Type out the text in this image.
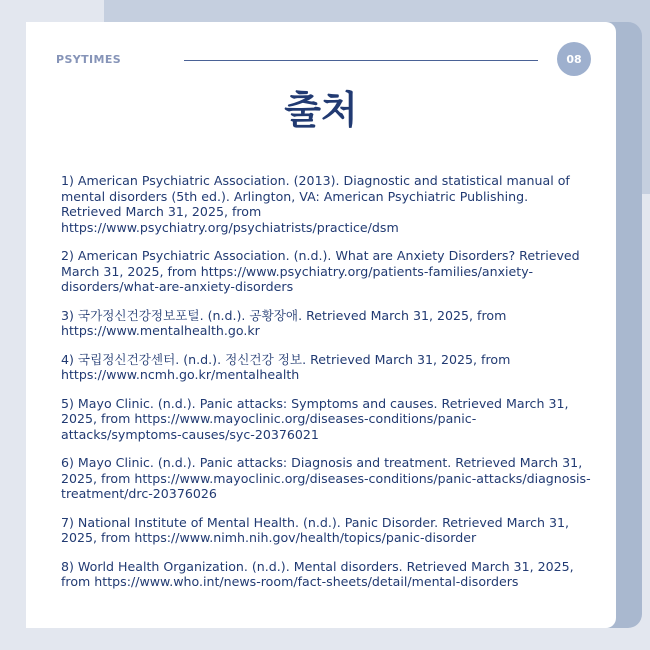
PSYTIMES	08
출처
1) American Psychiatric Association. (2013). Diagnostic and statistical manual of mental disorders (5th ed.). Arlington, VA: American Psychiatric Publishing. Retrieved March 31, 2025, from https://www.psychiatry.org/psychiatrists/practice/dsm
2) American Psychiatric Association. (n.d.). What are Anxiety Disorders? Retrieved March 31, 2025, from https://www.psychiatry.org/patients-families/anxiety-disorders/what-are-anxiety-disorders
3) 국가정신건강정보포털. (n.d.). 공황장애. Retrieved March 31, 2025, from https://www.mentalhealth.go.kr
4) 국립정신건강센터. (n.d.). 정신건강 정보. Retrieved March 31, 2025, from https://www.ncmh.go.kr/mentalhealth
5) Mayo Clinic. (n.d.). Panic attacks: Symptoms and causes. Retrieved March 31, 2025, from https://www.mayoclinic.org/diseases-conditions/panic-attacks/symptoms-causes/syc-20376021
6) Mayo Clinic. (n.d.). Panic attacks: Diagnosis and treatment. Retrieved March 31, 2025, from https://www.mayoclinic.org/diseases-conditions/panic-attacks/diagnosis-treatment/drc-20376026
7) National Institute of Mental Health. (n.d.). Panic Disorder. Retrieved March 31, 2025, from https://www.nimh.nih.gov/health/topics/panic-disorder
8) World Health Organization. (n.d.). Mental disorders. Retrieved March 31, 2025, from https://www.who.int/news-room/fact-sheets/detail/mental-disorders
